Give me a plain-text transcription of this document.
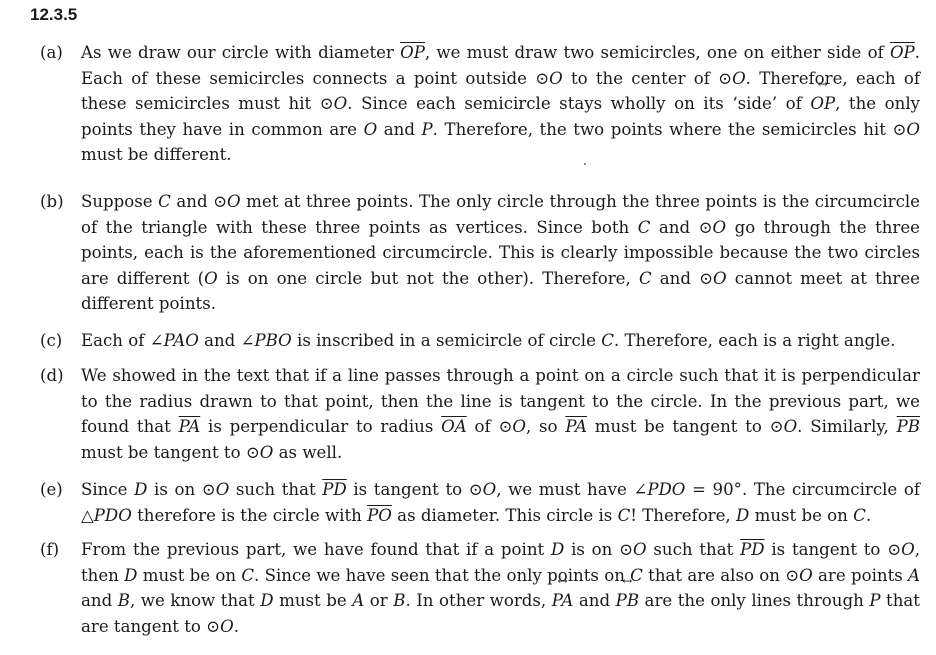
12.3.5
(a)	As we draw our circle with diameter $\overline{OP}$, we must draw two semicircles, one on either side of $\overline{OP}$. Each of these semicircles connects a point outside ⊙O to the center of ⊙O. Therefore, each of these semicircles must hit ⊙O. Since each semicircle stays wholly on its ‘side’ of ↔ OP, the only points they have in common are O and P. Therefore, the two points where the semicircles hit ⊙O must be different.
(b)	Suppose C and ⊙O met at three points. The only circle through the three points is the circumcircle of the triangle with these three points as vertices. Since both C and ⊙O go through the three points, each is the aforementioned circumcircle. This is clearly impossible because the two circles are different (O is on one circle but not the other). Therefore, C and ⊙O cannot meet at three different points.
(c)	Each of ∠PAO and ∠PBO is inscribed in a semicircle of circle C. Therefore, each is a right angle.
(d)	We showed in the text that if a line passes through a point on a circle such that it is perpendicular to the radius drawn to that point, then the line is tangent to the circle. In the previous part, we found that $\overline{PA}$ is perpendicular to radius $\overline{OA}$ of ⊙O, so $\overline{PA}$ must be tangent to ⊙O. Similarly, $\overline{PB}$ must be tangent to ⊙O as well.
(e)	Since D is on ⊙O such that $\overline{PD}$ is tangent to ⊙O, we must have ∠PDO = 90°. The circumcircle of △PDO therefore is the circle with $\overline{PO}$ as diameter. This circle is C! Therefore, D must be on C.
(f)	From the previous part, we have found that if a point D is on ⊙O such that $\overline{PD}$ is tangent to ⊙O, then D must be on C. Since we have seen that the only points on C that are also on ⊙O are points A and B, we know that D must be A or B. In other words, ↔ PA and ↔ PB are the only lines through P that are tangent to ⊙O.
